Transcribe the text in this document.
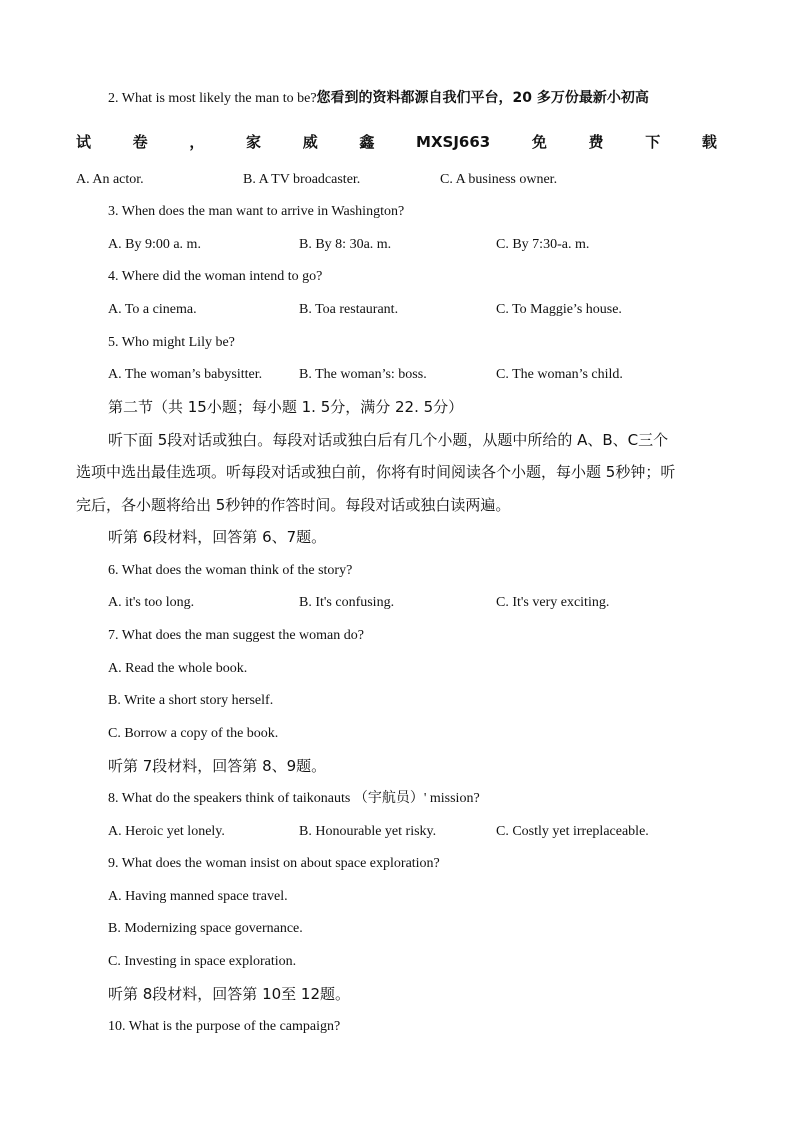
2. What is most likely the man to be?您看到的资料都源自我们平台，20 多万份最新小初高
试	卷	，	家	威	鑫	MXSJ663	免	费	下	载
A. An actor.	B. A TV broadcaster.	C. A business owner.
3. When does the man want to arrive in Washington?
A. By 9:00 a. m.	B. By 8: 30a. m.	C. By 7:30-a. m.
4. Where did the woman intend to go?
A. To a cinema.	B. Toa restaurant.	C. To Maggie’s house.
5. Who might Lily be?
A. The woman’s babysitter.	B. The woman’s: boss.	C. The woman’s child.
第二节（共 15小题；每小题 1. 5分，满分 22. 5分）
听下面 5段对话或独白。每段对话或独白后有几个小题，从题中所给的 A、B、C三个
选项中选出最佳选项。听每段对话或独白前，你将有时间阅读各个小题，每小题 5秒钟；听
完后，各小题将给出 5秒钟的作答时间。每段对话或独白读两遍。
听第 6段材料，回答第 6、7题。
6. What does the woman think of the story?
A. it's too long.	B. It's confusing.	C. It's very exciting.
7. What does the man suggest the woman do?
A. Read the whole book.
B. Write a short story herself.
C. Borrow a copy of the book.
听第 7段材料，回答第 8、9题。
8. What do the speakers think of taikonauts （宇航员）' mission?
A. Heroic yet lonely.	B. Honourable yet risky.	C. Costly yet irreplaceable.
9. What does the woman insist on about space exploration?
A. Having manned space travel.
B. Modernizing space governance.
C. Investing in space exploration.
听第 8段材料，回答第 10至 12题。
10. What is the purpose of the campaign?
